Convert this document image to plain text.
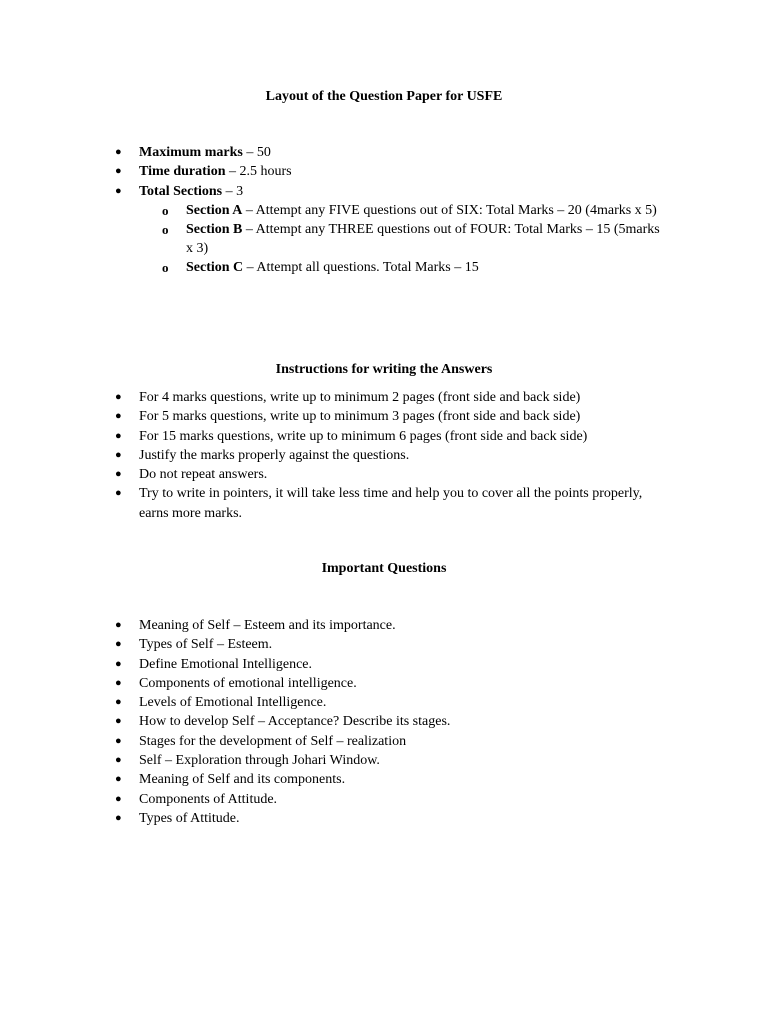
Layout of the Question Paper for USFE
● Maximum marks – 50
● Time duration – 2.5 hours
● Total Sections – 3
o Section A – Attempt any FIVE questions out of SIX: Total Marks – 20 (4marks x 5)
o Section B – Attempt any THREE questions out of FOUR: Total Marks – 15 (5marks x 3)
o Section C – Attempt all questions. Total Marks – 15
Instructions for writing the Answers
● For 4 marks questions, write up to minimum 2 pages (front side and back side)
● For 5 marks questions, write up to minimum 3 pages (front side and back side)
● For 15 marks questions, write up to minimum 6 pages (front side and back side)
● Justify the marks properly against the questions.
● Do not repeat answers.
● Try to write in pointers, it will take less time and help you to cover all the points properly, earns more marks.
Important Questions
● Meaning of Self – Esteem and its importance.
● Types of Self – Esteem.
● Define Emotional Intelligence.
● Components of emotional intelligence.
● Levels of Emotional Intelligence.
● How to develop Self – Acceptance? Describe its stages.
● Stages for the development of Self – realization
● Self – Exploration through Johari Window.
● Meaning of Self and its components.
● Components of Attitude.
● Types of Attitude.
